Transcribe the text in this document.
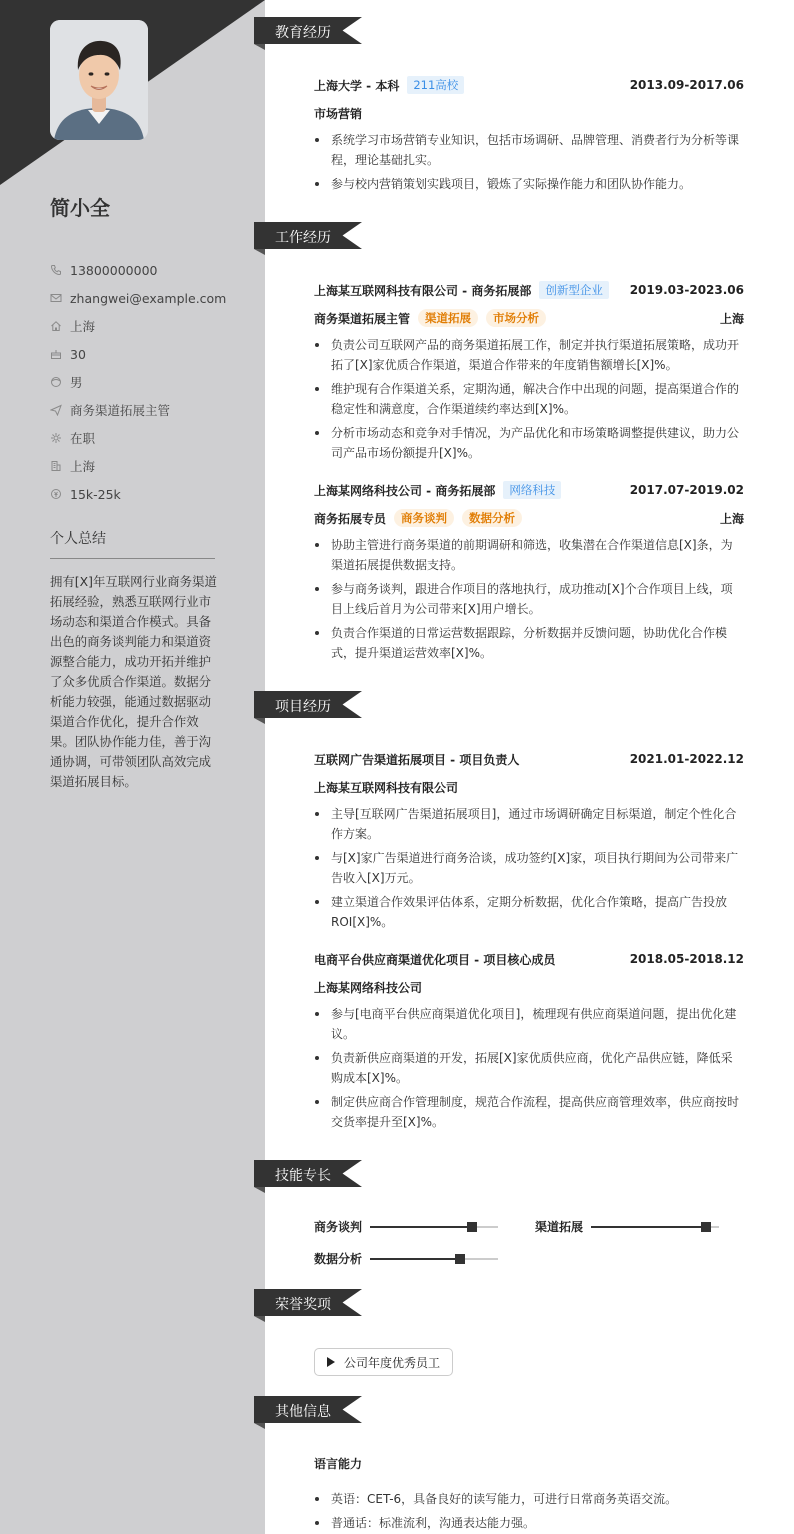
简小全
13800000000
zhangwei@example.com
上海
30
男
商务渠道拓展主管
在职
上海
15k-25k
个人总结
拥有[X]年互联网行业商务渠道拓展经验，熟悉互联网行业市场动态和渠道合作模式。具备出色的商务谈判能力和渠道资源整合能力，成功开拓并维护了众多优质合作渠道。数据分析能力较强，能通过数据驱动渠道合作优化，提升合作效果。团队协作能力佳，善于沟通协调，可带领团队高效完成渠道拓展目标。
教育经历
上海大学 - 本科	211高校	2013.09-2017.06
市场营销
系统学习市场营销专业知识，包括市场调研、品牌管理、消费者行为分析等课程，理论基础扎实。
参与校内营销策划实践项目，锻炼了实际操作能力和团队协作能力。
工作经历
上海某互联网科技有限公司 - 商务拓展部	创新型企业	2019.03-2023.06
商务渠道拓展主管	渠道拓展	市场分析	上海
负责公司互联网产品的商务渠道拓展工作，制定并执行渠道拓展策略，成功开拓了[X]家优质合作渠道，渠道合作带来的年度销售额增长[X]%。
维护现有合作渠道关系，定期沟通，解决合作中出现的问题，提高渠道合作的稳定性和满意度，合作渠道续约率达到[X]%。
分析市场动态和竞争对手情况，为产品优化和市场策略调整提供建议，助力公司产品市场份额提升[X]%。
上海某网络科技公司 - 商务拓展部	网络科技	2017.07-2019.02
商务拓展专员	商务谈判	数据分析	上海
协助主管进行商务渠道的前期调研和筛选，收集潜在合作渠道信息[X]条，为渠道拓展提供数据支持。
参与商务谈判，跟进合作项目的落地执行，成功推动[X]个合作项目上线，项目上线后首月为公司带来[X]用户增长。
负责合作渠道的日常运营数据跟踪，分析数据并反馈问题，协助优化合作模式，提升渠道运营效率[X]%。
项目经历
互联网广告渠道拓展项目 - 项目负责人	2021.01-2022.12
上海某互联网科技有限公司
主导[互联网广告渠道拓展项目]，通过市场调研确定目标渠道，制定个性化合作方案。
与[X]家广告渠道进行商务洽谈，成功签约[X]家，项目执行期间为公司带来广告收入[X]万元。
建立渠道合作效果评估体系，定期分析数据，优化合作策略，提高广告投放ROI[X]%。
电商平台供应商渠道优化项目 - 项目核心成员	2018.05-2018.12
上海某网络科技公司
参与[电商平台供应商渠道优化项目]，梳理现有供应商渠道问题，提出优化建议。
负责新供应商渠道的开发，拓展[X]家优质供应商，优化产品供应链，降低采购成本[X]%。
制定供应商合作管理制度，规范合作流程，提高供应商管理效率，供应商按时交货率提升至[X]%。
技能专长
商务谈判	渠道拓展
数据分析
荣誉奖项
公司年度优秀员工
其他信息
语言能力
英语：CET-6，具备良好的读写能力，可进行日常商务英语交流。
普通话：标准流利，沟通表达能力强。
